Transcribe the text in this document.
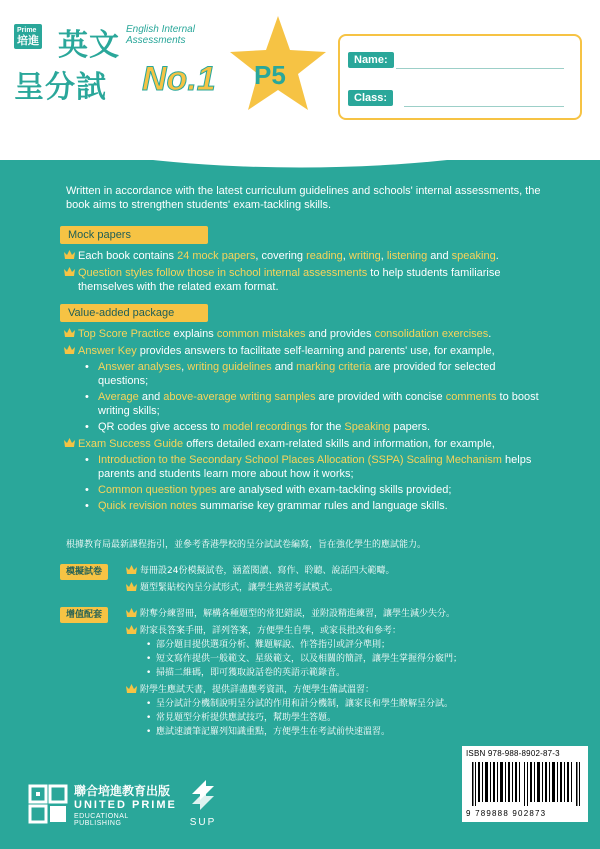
Prime
培進 英文 English Internal Assessments
呈分試 No.1 P5	Name:
Class:

Written in accordance with the latest curriculum guidelines and schools' internal assessments, the book aims to strengthen students' exam-tackling skills.

Mock papers
Each book contains 24 mock papers, covering reading, writing, listening and speaking.
Question styles follow those in school internal assessments to help students familiarise themselves with the related exam format.
Value-added package
Top Score Practice explains common mistakes and provides consolidation exercises.
Answer Key provides answers to facilitate self-learning and parents' use, for example,
• Answer analyses, writing guidelines and marking criteria are provided for selected questions;
• Average and above-average writing samples are provided with concise comments to boost writing skills;
• QR codes give access to model recordings for the Speaking papers.
Exam Success Guide offers detailed exam-related skills and information, for example,
• Introduction to the Secondary School Places Allocation (SSPA) Scaling Mechanism helps parents and students learn more about how it works;
• Common question types are analysed with exam-tackling skills provided;
• Quick revision notes summarise key grammar rules and language skills.
根據教育局最新課程指引，並參考香港學校的呈分試試卷編寫，旨在強化學生的應試能力。
模擬試卷	每冊設24份模擬試卷，涵蓋閱讀、寫作、聆聽、說話四大範疇。
題型緊貼校內呈分試形式，讓學生熟習考試模式。
增值配套	附奪分練習冊，解構各種題型的常犯錯誤，並附設精進練習，讓學生減少失分。
附家長答案手冊，詳列答案，方便學生自學，或家長批改和參考：
• 部分題目提供選項分析、難題解說、作答指引或評分準則；
• 短文寫作提供一般範文、星級範文，以及相關的簡評，讓學生掌握得分竅門；
• 掃描二維碼，即可獲取說話卷的英語示範錄音。
附學生應試天書，提供詳盡應考資訊，方便學生備試溫習：
• 呈分試計分機制說明呈分試的作用和計分機制，讓家長和學生瞭解呈分試。
• 常見題型分析提供應試技巧，幫助學生答題。
• 應試速讀筆記羅列知識重點，方便學生在考試前快速溫習。
聯合培進教育出版
UNITED PRIME
EDUCATIONAL PUBLISHING	SUP
ISBN 978-988-8902-87-3
9 789888 902873
